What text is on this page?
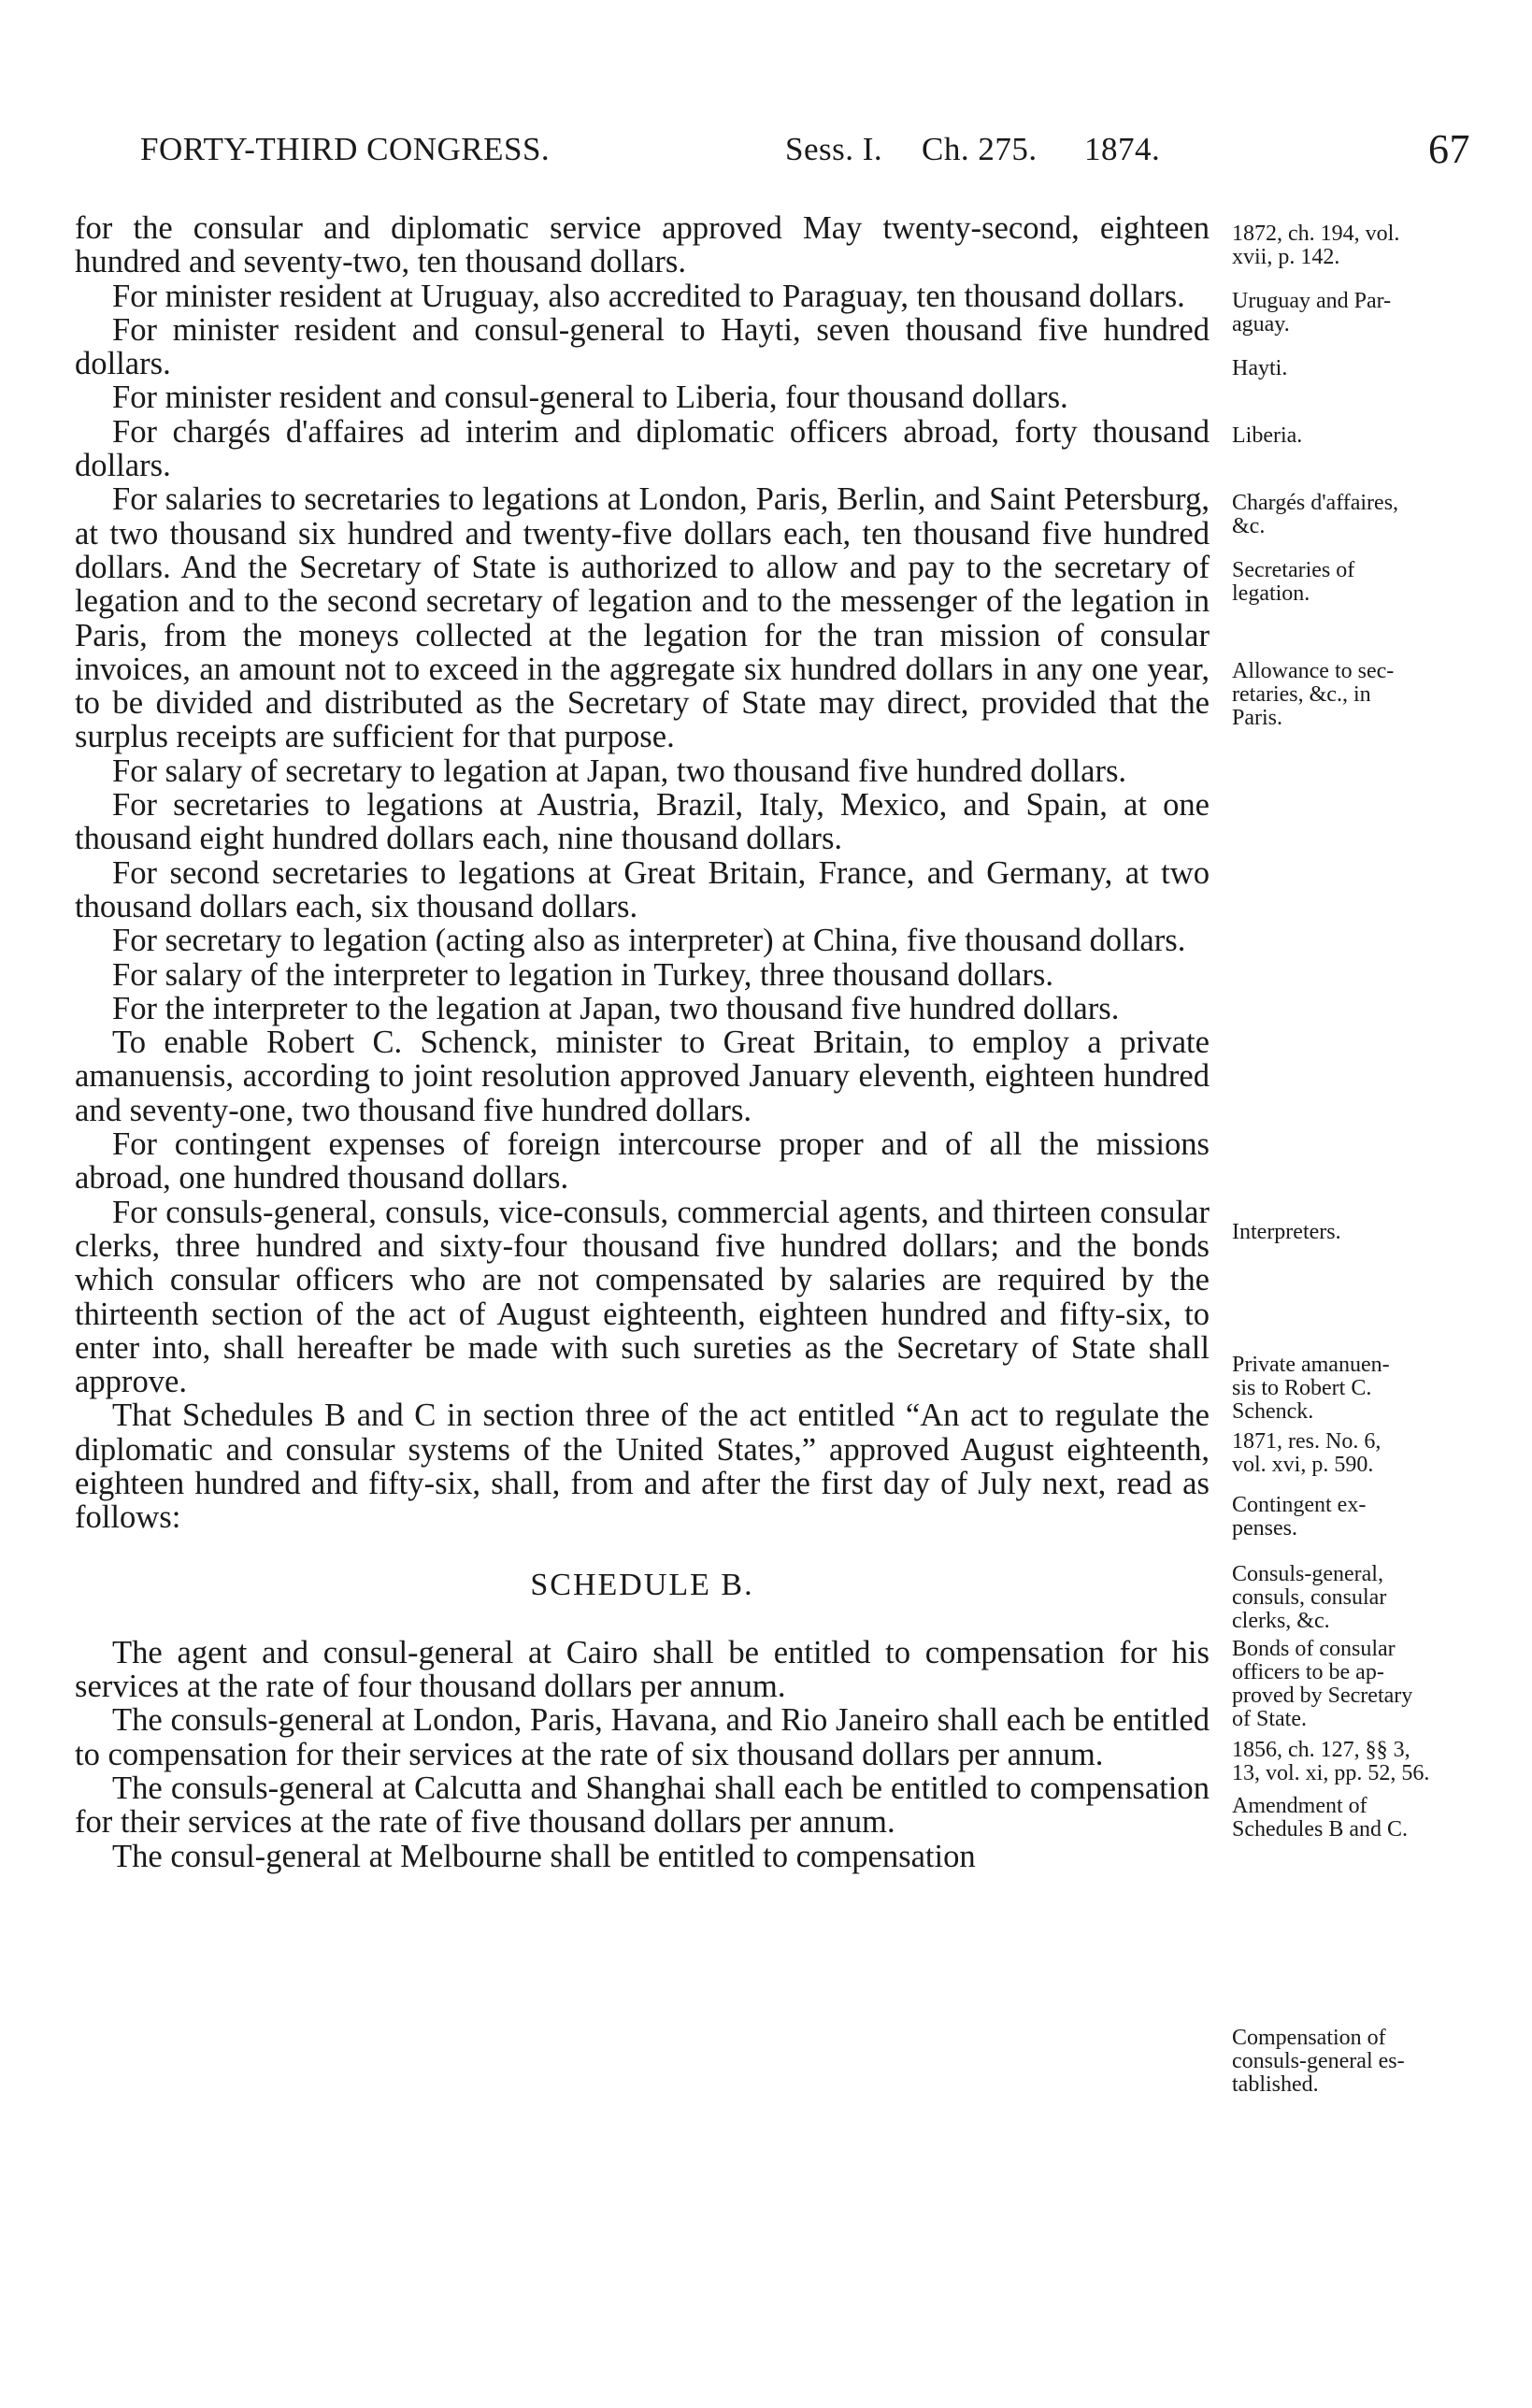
FORTY-THIRD CONGRESS.	Sess. I. Ch. 275. 1874.	67

for the consular and diplomatic service approved May twenty-second, eighteen hundred and seventy-two, ten thousand dollars.

For minister resident at Uruguay, also accredited to Paraguay, ten thousand dollars.

For minister resident and consul-general to Hayti, seven thousand five hundred dollars.

For minister resident and consul-general to Liberia, four thousand dollars.

For chargés d'affaires ad interim and diplomatic officers abroad, forty thousand dollars.

For salaries to secretaries to legations at London, Paris, Berlin, and Saint Petersburg, at two thousand six hundred and twenty-five dollars each, ten thousand five hundred dollars. And the Secretary of State is authorized to allow and pay to the secretary of legation and to the second secretary of legation and to the messenger of the legation in Paris, from the moneys collected at the legation for the tran mission of consular invoices, an amount not to exceed in the aggregate six hundred dollars in any one year, to be divided and distributed as the Secretary of State may direct, provided that the surplus receipts are sufficient for that purpose.

For salary of secretary to legation at Japan, two thousand five hundred dollars.

For secretaries to legations at Austria, Brazil, Italy, Mexico, and Spain, at one thousand eight hundred dollars each, nine thousand dollars.

For second secretaries to legations at Great Britain, France, and Germany, at two thousand dollars each, six thousand dollars.

For secretary to legation (acting also as interpreter) at China, five thousand dollars.

For salary of the interpreter to legation in Turkey, three thousand dollars.

For the interpreter to the legation at Japan, two thousand five hundred dollars.

To enable Robert C. Schenck, minister to Great Britain, to employ a private amanuensis, according to joint resolution approved January eleventh, eighteen hundred and seventy-one, two thousand five hundred dollars.

For contingent expenses of foreign intercourse proper and of all the missions abroad, one hundred thousand dollars.

For consuls-general, consuls, vice-consuls, commercial agents, and thirteen consular clerks, three hundred and sixty-four thousand five hundred dollars; and the bonds which consular officers who are not compensated by salaries are required by the thirteenth section of the act of August eighteenth, eighteen hundred and fifty-six, to enter into, shall hereafter be made with such sureties as the Secretary of State shall approve.

That Schedules B and C in section three of the act entitled “An act to regulate the diplomatic and consular systems of the United States,” approved August eighteenth, eighteen hundred and fifty-six, shall, from and after the first day of July next, read as follows:

SCHEDULE B.

The agent and consul-general at Cairo shall be entitled to compensation for his services at the rate of four thousand dollars per annum.

The consuls-general at London, Paris, Havana, and Rio Janeiro shall each be entitled to compensation for their services at the rate of six thousand dollars per annum.

The consuls-general at Calcutta and Shanghai shall each be entitled to compensation for their services at the rate of five thousand dollars per annum.

The consul-general at Melbourne shall be entitled to compensation

1872, ch. 194, vol.
xvii, p. 142.
Uruguay and Par-
aguay.
Hayti.
Liberia.
Chargés d'affaires,
&c.
Secretaries of
legation.
Allowance to sec-
retaries, &c., in
Paris.
Interpreters.
Private amanuen-
sis to Robert C.
Schenck.
1871, res. No. 6,
vol. xvi, p. 590.
Contingent ex-
penses.
Consuls-general,
consuls, consular
clerks, &c.
Bonds of consular
officers to be ap-
proved by Secretary
of State.
1856, ch. 127, §§ 3,
13, vol. xi, pp. 52, 56.
Amendment of
Schedules B and C.
Compensation of
consuls-general es-
tablished.
